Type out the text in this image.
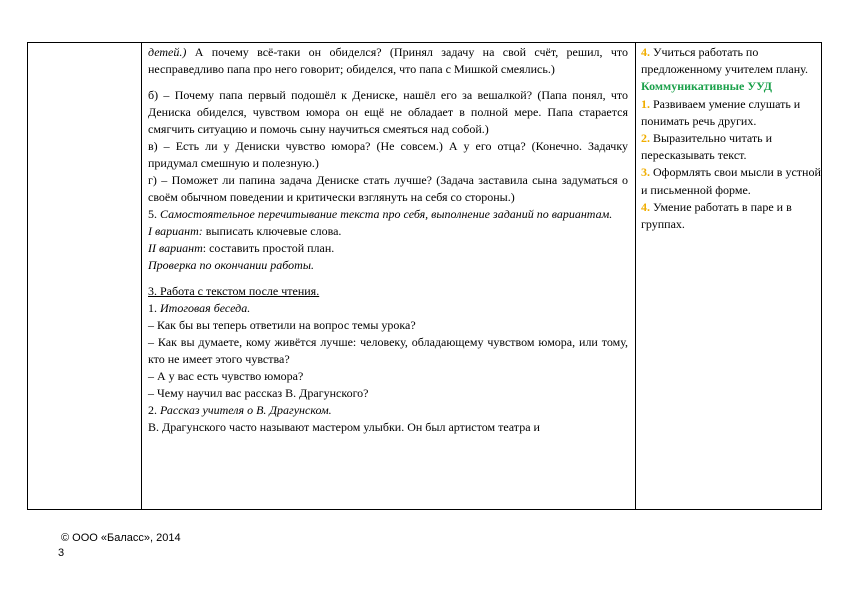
детей.) А почему всё-таки он обиделся? (Принял задачу на свой счёт, решил, что несправедливо папа про него говорит; обиделся, что папа с Мишкой смеялись.)

б) – Почему папа первый подошёл к Дениске, нашёл его за вешалкой? (Папа понял, что Дениска обиделся, чувством юмора он ещё не обладает в полной мере. Папа старается смягчить ситуацию и помочь сыну научиться смеяться над собой.)

в) – Есть ли у Дениски чувство юмора? (Не совсем.) А у его отца? (Конечно. Задачку придумал смешную и полезную.)

г) – Поможет ли папина задача Дениске стать лучше? (Задача заставила сына задуматься о своём обычном поведении и критически взглянуть на себя со стороны.)

5. Самостоятельное перечитывание текста про себя, выполнение заданий по вариантам.

I вариант: выписать ключевые слова.

II вариант: составить простой план.

Проверка по окончании работы.

3. Работа с текстом после чтения.

1. Итоговая беседа.

– Как бы вы теперь ответили на вопрос темы урока?

– Как вы думаете, кому живётся лучше: человеку, обладающему чувством юмора, или тому, кто не имеет этого чувства?

– А у вас есть чувство юмора?

– Чему научил вас рассказ В. Драгунского?

2. Рассказ учителя о В. Драгунском.

В. Драгунского часто называют мастером улыбки. Он был артистом театра и

4. Учиться работать по предложенному учителем плану.

Коммуникативные УУД

1. Развиваем умение слушать и понимать речь других.

2. Выразительно читать и пересказывать текст.

3. Оформлять свои мысли в устной и письменной форме.

4. Умение работать в паре и в группах.

© ООО «Баласс», 2014
3
